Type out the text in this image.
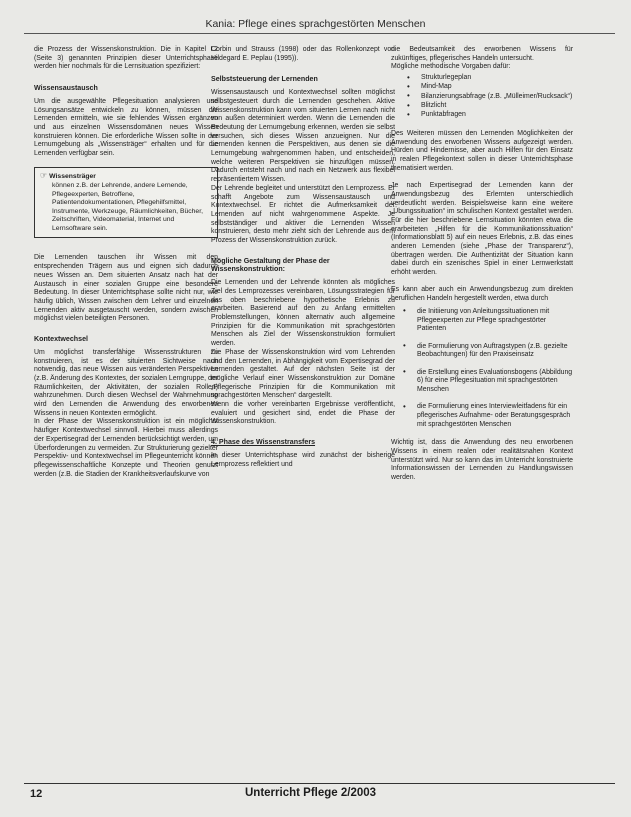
Kania: Pflege eines sprachgestörten Menschen

die Prozess der Wissenskonstruktion. Die in Kapitel I.2 (Seite 3) genannten Prinzipien dieser Unterrichtsphase werden hier nochmals für die Lernsituation spezifiziert:

Wissensaustausch

Um die ausgewählte Pflegesituation analysieren und Lösungsansätze entwickeln zu können, müssen die Lernenden ermitteln, wie sie fehlendes Wissen ergänzen und aus einzelnen Wissensdomänen neues Wissen konstruieren können. Die erforderliche Wissen sollte in der Lernumgebung als „Wissensträger“ erhalten und für die Lernenden verfügbar sein.

☞ Wissensträger
können z.B. der Lehrende, andere Lernende, Pflegeexperten, Betroffene, Patientendokumentationen, Pflegehilfsmittel, Instrumente, Werkzeuge, Räumlichkeiten, Bücher, Zeitschriften, Videomaterial, Internet und Lernsoftware sein.

Die Lernenden tauschen ihr Wissen mit den entsprechenden Trägern aus und eignen sich dadurch neues Wissen an. Dem situierten Ansatz nach hat der Austausch in einer sozialen Gruppe eine besondere Bedeutung. In dieser Unterrichtsphase sollte nicht nur, wie häufig üblich, Wissen zwischen dem Lehrer und einzelnen Lernenden aktiv ausgetauscht werden, sondern zwischen möglichst vielen beteiligten Personen.

Kontextwechsel

Um möglichst transferfähige Wissensstrukturen zu konstruieren, ist es der situierten Sichtweise nach notwendig, das neue Wissen aus veränderten Perspektiven (z.B. Änderung des Kontextes, der sozialen Lerngruppe, der Räumlichkeiten, der Aktivitäten, der sozialen Rollen) wahrzunehmen. Durch diesen Wechsel der Wahrnehmung wird den Lernenden die Anwendung des erworbenen Wissens in neuen Kontexten ermöglicht.

In der Phase der Wissenskonstruktion ist ein möglichst häufiger Kontextwechsel sinnvoll. Hierbei muss allerdings der Expertisegrad der Lernenden berücksichtigt werden, um Überforderungen zu vermeiden. Zur Strukturierung gezielter Perspektiv- und Kontextwechsel im Pflegeunterricht können pflegewissenschaftliche Konzepte und Theorien genutzt werden (z.B. die Stadien der Krankheitsverlaufskurve von

Corbin und Strauss (1998) oder das Rollenkonzept von Hildegard E. Peplau (1995)).

Selbststeuerung der Lernenden

Wissensaustausch und Kontextwechsel sollten möglichst selbstgesteuert durch die Lernenden geschehen. Aktive Wissenskonstruktion kann vom situierten Lernen nach nicht von außen determiniert werden. Wenn die Lernenden die Bedeutung der Lernumgebung erkennen, werden sie selbst versuchen, sich dieses Wissen anzueignen. Nur die Lernenden kennen die Perspektiven, aus denen sie die Lernumgebung wahrgenommen haben, und entscheiden, welche weiteren Perspektiven sie hinzufügen müssen. Dadurch entsteht nach und nach ein Netzwerk aus flexibel repräsentiertem Wissen.

Der Lehrende begleitet und unterstützt den Lernprozess. Er schafft Angebote zum Wissensaustausch und Kontextwechsel. Er richtet die Aufmerksamkeit der Lernenden auf nicht wahrgenommene Aspekte. Je selbstständiger und aktiver die Lernenden Wissen konstruieren, desto mehr zieht sich der Lehrende aus dem Prozess der Wissenskonstruktion zurück.

Mögliche Gestaltung der Phase der Wissenskonstruktion:

Die Lernenden und der Lehrende könnten als mögliches Ziel des Lernprozesses vereinbaren, Lösungsstrategien für das oben beschriebene hypothetische Erlebnis zu erarbeiten. Basierend auf den zu Anfang ermittelten Problemstellungen, können alternativ auch allgemeine Prinzipien für die Kommunikation mit sprachgestörten Menschen als Ziel der Wissenskonstruktion formuliert werden.

Die Phase der Wissenskonstruktion wird vom Lehrenden und den Lernenden, in Abhängigkeit vom Expertisegrad der Lernenden gestaltet. Auf der nächsten Seite ist der mögliche Verlauf einer Wissenskonstruktion zur Domäne „Pflegerische Prinzipien für die Kommunikation mit sprachgestörten Menschen“ dargestellt.

Wenn die vorher vereinbarten Ergebnisse veröffentlicht, evaluiert und gesichert sind, endet die Phase der Wissenskonstruktion.

4. Phase des Wissenstransfers

In dieser Unterrichtsphase wird zunächst der bisherige Lernprozess reflektiert und

die Bedeutsamkeit des erworbenen Wissens für zukünftiges, pflegerisches Handeln untersucht.

Mögliche methodische Vorgaben dafür:

• Strukturlegeplan
• Mind-Map
• Bilanzierungsabfrage (z.B. „Mülleimer/Rucksack“)
• Blitzlicht
• Punktabfragen

Des Weiteren müssen den Lernenden Möglichkeiten der Anwendung des erworbenen Wissens aufgezeigt werden. Hürden und Hindernisse, aber auch Hilfen für den Einsatz in realen Pflegekontext sollen in dieser Unterrichtsphase thematisiert werden.

Je nach Expertisegrad der Lernenden kann der Anwendungsbezug des Erlernten unterschiedlich verdeutlicht werden. Beispielsweise kann eine weitere „Übungssituation“ im schulischen Kontext gestaltet werden. Für die hier beschriebene Lernsituation könnten etwa die erarbeiteten „Hilfen für die Kommunikationssituation“ (Informationsblatt 5) auf ein neues Erlebnis, z.B. das eines anderen Lernenden (siehe „Phase der Transparenz“), übertragen werden. Die Authentizität der Situation kann dabei durch ein szenisches Spiel in einer Lernwerkstatt erhöht werden.

Es kann aber auch ein Anwendungsbezug zum direkten beruflichen Handeln hergestellt werden, etwa durch

• die Initiierung von Anleitungssituationen mit Pflegeexperten zur Pflege sprachgestörter Patienten
• die Formulierung von Auftragstypen (z.B. gezielte Beobachtungen) für den Praxiseinsatz
• die Erstellung eines Evaluationsbogens (Abbildung 6) für eine Pflegesituation mit sprachgestörten Menschen
• die Formulierung eines Interviewleitfadens für ein pflegerisches Aufnahme- oder Beratungsgespräch mit sprachgestörten Menschen

Wichtig ist, dass die Anwendung des neu erworbenen Wissens in einem realen oder realitätsnahen Kontext unterstützt wird. Nur so kann das im Unterricht konstruierte Informationswissen der Lernenden zu Handlungswissen werden.

12	Unterricht Pflege 2/2003
